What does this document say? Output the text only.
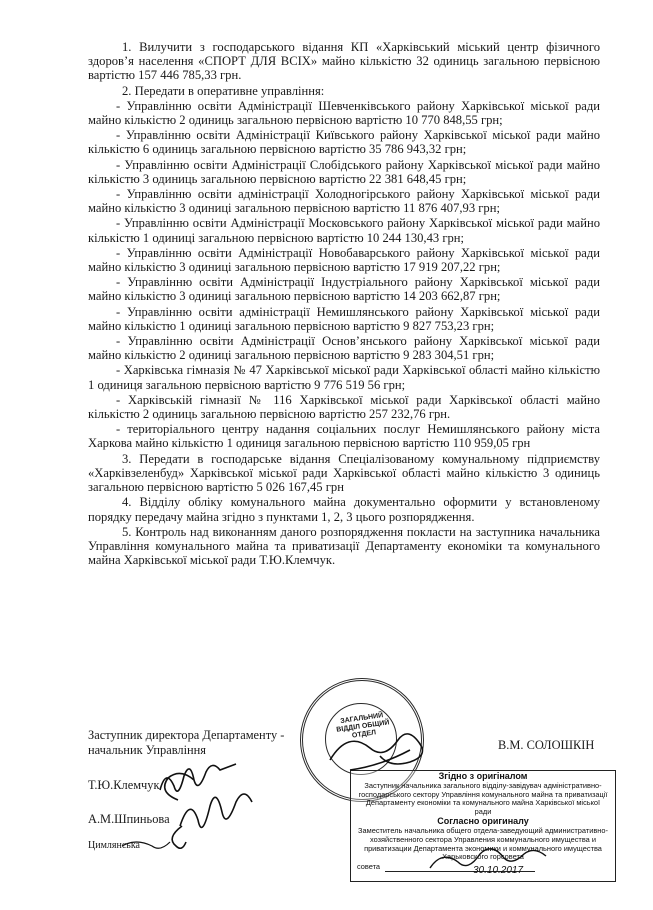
1. Вилучити з господарського відання КП «Харківський міський центр фізичного здоров’я населення «СПОРТ ДЛЯ ВСІХ» майно кількістю 32 одиниць загальною первісною вартістю 157 446 785,33 грн.

2. Передати в оперативне управління:

- Управлінню освіти Адміністрації Шевченківського району Харківської міської ради майно кількістю 2 одиниць загальною первісною вартістю 10 770 848,55 грн;

- Управлінню освіти Адміністрації Київського району Харківської міської ради майно кількістю 6 одиниць загальною первісною вартістю 35 786 943,32 грн;

- Управлінню освіти Адміністрації Слобідського району Харківської міської ради майно кількістю 3 одиниць загальною первісною вартістю 22 381 648,45 грн;

- Управлінню освіти адміністрації Холодногірського району Харківської міської ради майно кількістю 3 одиниці загальною первісною вартістю 11 876 407,93 грн;

- Управлінню освіти Адміністрації Московського району Харківської міської ради майно кількістю 1 одиниці загальною первісною вартістю 10 244 130,43 грн;

- Управлінню освіти Адміністрації Новобаварського району Харківської міської ради майно кількістю 3 одиниці загальною первісною вартістю 17 919 207,22 грн;

- Управлінню освіти Адміністрації Індустріального району Харківської міської ради майно кількістю 3 одиниці загальною первісною вартістю 14 203 662,87 грн;

- Управлінню освіти адміністрації Немишлянського району Харківської міської ради майно кількістю 1 одиниці загальною первісною вартістю 9 827 753,23 грн;

- Управлінню освіти Адміністрації Основ’янського району Харківської міської ради майно кількістю 2 одиниці загальною первісною вартістю 9 283 304,51 грн;

- Харківська гімназія № 47 Харківської міської ради Харківської області майно кількістю 1 одиниця загальною первісною вартістю 9 776 519 56 грн;

- Харківській гімназії № 116 Харківської міської ради Харківської області майно кількістю 2 одиниць загальною первісною вартістю 257 232,76 грн.

- територіального центру надання соціальних послуг Немишлянського району міста Харкова майно кількістю 1 одиниця загальною первісною вартістю 110 959,05 грн

3. Передати в господарське відання Спеціалізованому комунальному підприємству «Харківзеленбуд» Харківської міської ради Харківської області майно кількістю 3 одиниць загальною первісною вартістю 5 026 167,45 грн

4. Відділу обліку комунального майна документально оформити у встановленому порядку передачу майна згідно з пунктами 1, 2, 3 цього розпорядження.

5. Контроль над виконанням даного розпорядження покласти на заступника начальника Управління комунального майна та приватизації Департаменту економіки та комунального майна Харківської міської ради Т.Ю.Клемчук.

Заступник директора Департаменту -
начальник Управління	В.М. СОЛОШКІН
Т.Ю.Клемчук
А.М.Шпиньова
Цимлянська
ЗАГАЛЬНИЙ ВІДДІЛ ОБЩИЙ ОТДЕЛ
Згідно з оригіналом
Заступник начальника загального відділу-завідувач адміністративно-господарського сектору Управління комунального майна та приватизації Департаменту економіки та комунального майна Харківської міської ради
Согласно оригиналу
Заместитель начальника общего отдела-заведующий административно-хозяйственного сектора Управления коммунального имущества и приватизации Департамента экономики и коммунального имущества Харьковского горсовета
совета	30.10.2017
